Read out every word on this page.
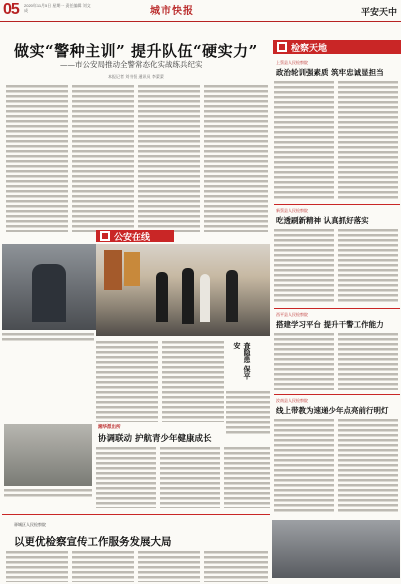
05 2020年11月5日 星期一 责任编辑 刘文成	城市快报	平安天中
做实“警种主训” 提升队伍“硬实力”
——市公安局推动全警常态化实战练兵纪实
本报记者 刘书恒 通讯员 李蒙蒙
公安在线
查隐患 保平安
湘华派出所
协调联动 护航青少年健康成长
检察天地
上蔡县人民检察院
政治轮训强素质 筑牢忠诚显担当
新蔡县人民检察院
吃透刷新精神 认真抓好落实
西平县人民检察院
搭建学习平台 提升干警工作能力
汝南县人民检察院
线上带教为速递少年点亮前行明灯
驿城区人民检察院
以更优检察宣传工作服务发展大局
